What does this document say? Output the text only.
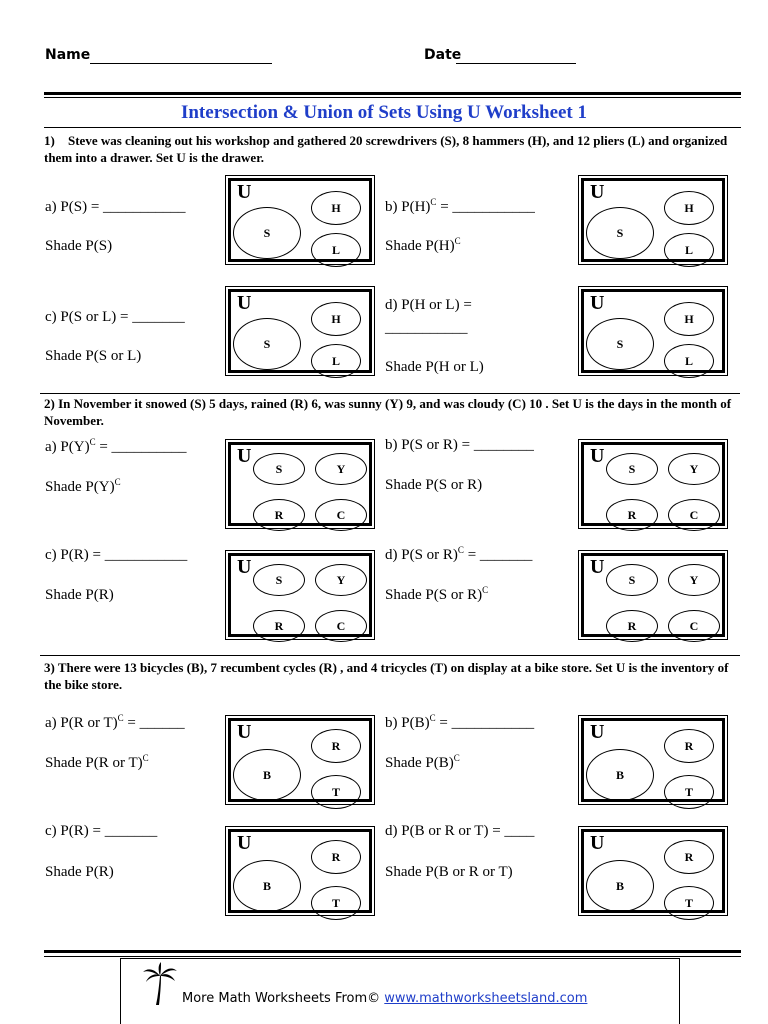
Name	Date
Intersection & Union of Sets Using U Worksheet 1
1) Steve was cleaning out his workshop and gathered 20 screwdrivers (S), 8 hammers (H), and 12 pliers (L) and organized them into a drawer. Set U is the drawer.
a) P(S) = ___________
Shade P(S)
b) $P(H)^C$ = ___________
Shade $P(H)^C$
c) P(S or L) = _______
Shade P(S or L)
d) P(H or L) =
___________
Shade P(H or L)
U
S
H
L
U
S
H
L
U
S
H
L
U
S
H
L
2) In November it snowed (S) 5 days, rained (R) 6, was sunny (Y) 9, and was cloudy (C) 10 . Set U is the days in the month of November.
a) $P(Y)^C$ = __________
Shade $P(Y)^C$
b) P(S or R) = ________
Shade P(S or R)
c) P(R) = ___________
Shade P(R)
d) P(S or R)$^C$ = _______
Shade P(S or R)$^C$
U
S	Y
R	C
U
S	Y
R	C
U
S	Y
R	C
U
S	Y
R	C
3) There were 13 bicycles (B), 7 recumbent cycles (R) , and 4 tricycles (T) on display at a bike store. Set U is the inventory of the bike store.
a) P(R or T)$^C$ = ______
Shade P(R or T)$^C$
b) $P(B)^C$ = ___________
Shade $P(B)^C$
c) P(R) = _______
Shade P(R)
d) P(B or R or T) = ____
Shade P(B or R or T)
U
B
R
T
U
B
R
T
U
B
R
T
U
B
R
T
More Math Worksheets From© www.mathworksheetsland.com
